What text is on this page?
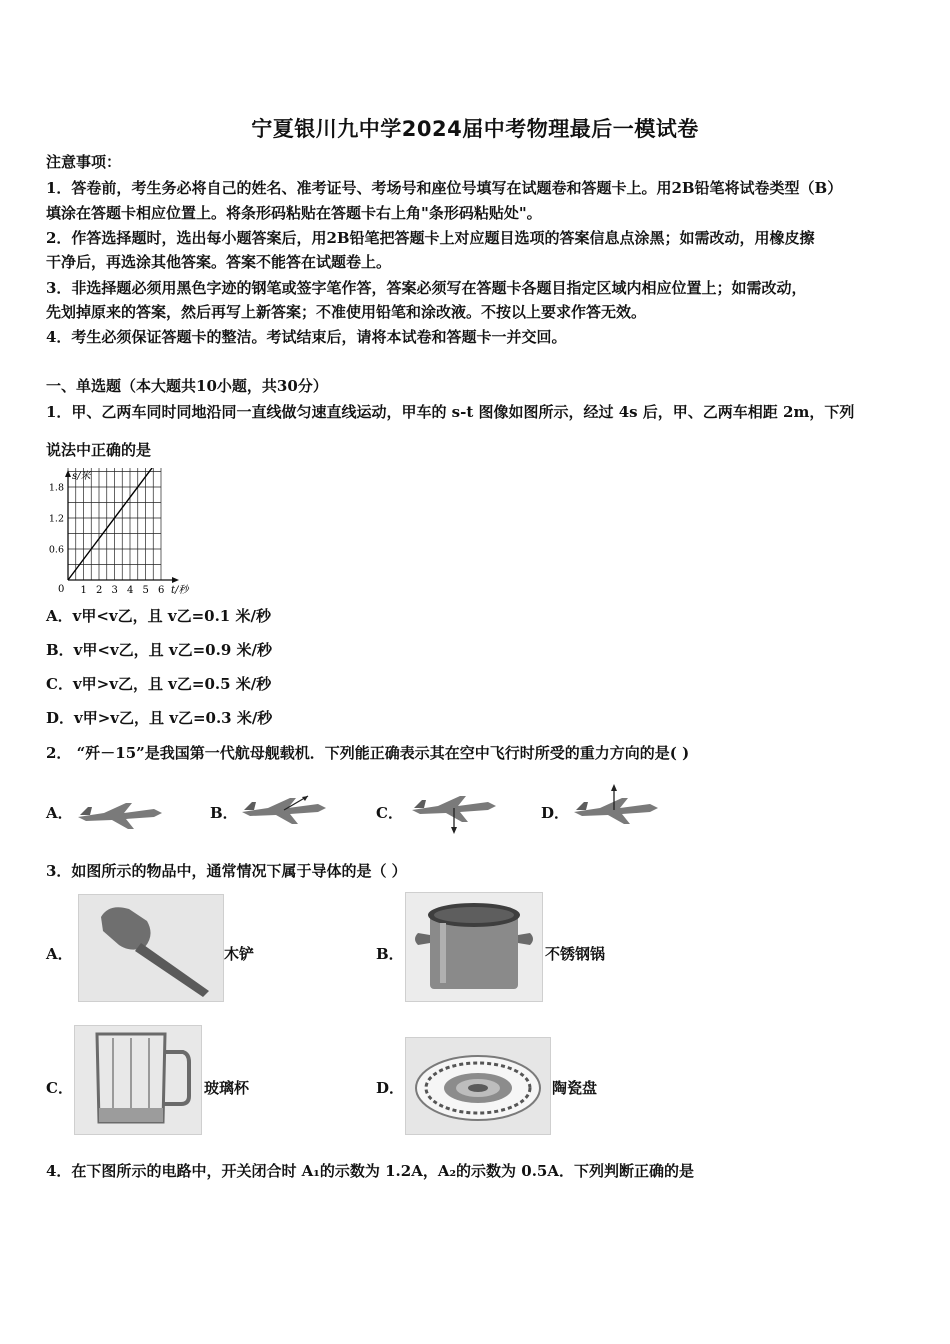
宁夏银川九中学2024届中考物理最后一模试卷
注意事项：
1．答卷前，考生务必将自己的姓名、准考证号、考场号和座位号填写在试题卷和答题卡上。用2B铅笔将试卷类型（B）
填涂在答题卡相应位置上。将条形码粘贴在答题卡右上角"条形码粘贴处"。
2．作答选择题时，选出每小题答案后，用2B铅笔把答题卡上对应题目选项的答案信息点涂黑；如需改动，用橡皮擦
干净后，再选涂其他答案。答案不能答在试题卷上。
3．非选择题必须用黑色字迹的钢笔或签字笔作答，答案必须写在答题卡各题目指定区域内相应位置上；如需改动，
先划掉原来的答案，然后再写上新答案；不准使用铅笔和涂改液。不按以上要求作答无效。
4．考生必须保证答题卡的整洁。考试结束后，请将本试卷和答题卡一并交回。
一、单选题（本大题共10小题，共30分）
1．甲、乙两车同时同地沿同一直线做匀速直线运动，甲车的 s-t 图像如图所示，经过 4s 后，甲、乙两车相距 2m，下列
说法中正确的是
s/米
t/秒
0 1 2 3 4 5 6
0.6
1.2
1.8
A．v甲<v乙，且 v乙=0.1 米/秒
B．v甲<v乙，且 v乙=0.9 米/秒
C．v甲>v乙，且 v乙=0.5 米/秒
D．v甲>v乙，且 v乙=0.3 米/秒
2． “歼－15”是我国第一代航母舰载机．下列能正确表示其在空中飞行时所受的重力方向的是( )
A．	B．	C．	D．
3．如图所示的物品中，通常情况下属于导体的是（ ）
A．	木铲	B．	不锈钢锅
C．	玻璃杯	D．	陶瓷盘
4．在下图所示的电路中，开关闭合时 A₁的示数为 1.2A，A₂的示数为 0.5A．下列判断正确的是
